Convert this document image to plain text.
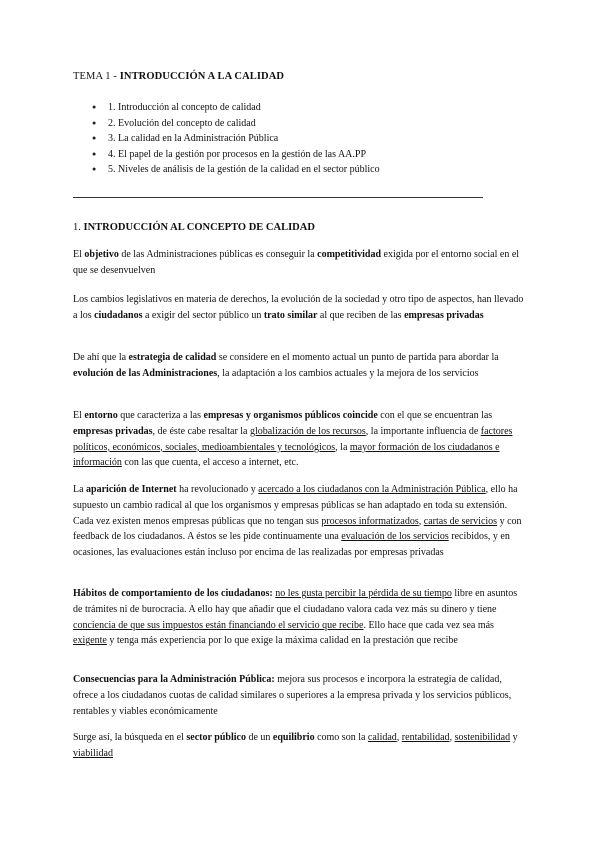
TEMA 1 - INTRODUCCIÓN A LA CALIDAD
● 1. Introducción al concepto de calidad
● 2. Evolución del concepto de calidad
● 3. La calidad en la Administración Pública
● 4. El papel de la gestión por procesos en la gestión de las AA.PP
● 5. Niveles de análisis de la gestión de la calidad en el sector público
1. INTRODUCCIÓN AL CONCEPTO DE CALIDAD

El objetivo de las Administraciones públicas es conseguir la competitividad exigida por el entorno social en el que se desenvuelven

Los cambios legislativos en materia de derechos, la evolución de la sociedad y otro tipo de aspectos, han llevado a los ciudadanos a exigir del sector público un trato similar al que reciben de las empresas privadas

De ahí que la estrategia de calidad se considere en el momento actual un punto de partida para abordar la evolución de las Administraciones, la adaptación a los cambios actuales y la mejora de los servicios

El entorno que caracteriza a las empresas y organismos públicos coincide con el que se encuentran las empresas privadas, de éste cabe resaltar la globalización de los recursos, la importante influencia de factores políticos, económicos, sociales, medioambientales y tecnológicos, la mayor formación de los ciudadanos e información con las que cuenta, el acceso a internet, etc.

La aparición de Internet ha revolucionado y acercado a los ciudadanos con la Administración Pública, ello ha supuesto un cambio radical al que los organismos y empresas públicas se han adaptado en toda su extensión. Cada vez existen menos empresas públicas que no tengan sus procesos informatizados, cartas de servicios y con feedback de los ciudadanos. A éstos se les pide continuamente una evaluación de los servicios recibidos, y en ocasiones, las evaluaciones están incluso por encima de las realizadas por empresas privadas

Hábitos de comportamiento de los ciudadanos: no les gusta percibir la pérdida de su tiempo libre en asuntos de trámites ni de burocracia. A ello hay que añadir que el ciudadano valora cada vez más su dinero y tiene conciencia de que sus impuestos están financiando el servicio que recibe. Ello hace que cada vez sea más exigente y tenga más experiencia por lo que exige la máxima calidad en la prestación que recibe

Consecuencias para la Administración Pública: mejora sus procesos e incorpora la estrategia de calidad, ofrece a los ciudadanos cuotas de calidad similares o superiores a la empresa privada y los servicios públicos, rentables y viables económicamente

Surge así, la búsqueda en el sector público de un equilibrio como son la calidad, rentabilidad, sostenibilidad y viabilidad
